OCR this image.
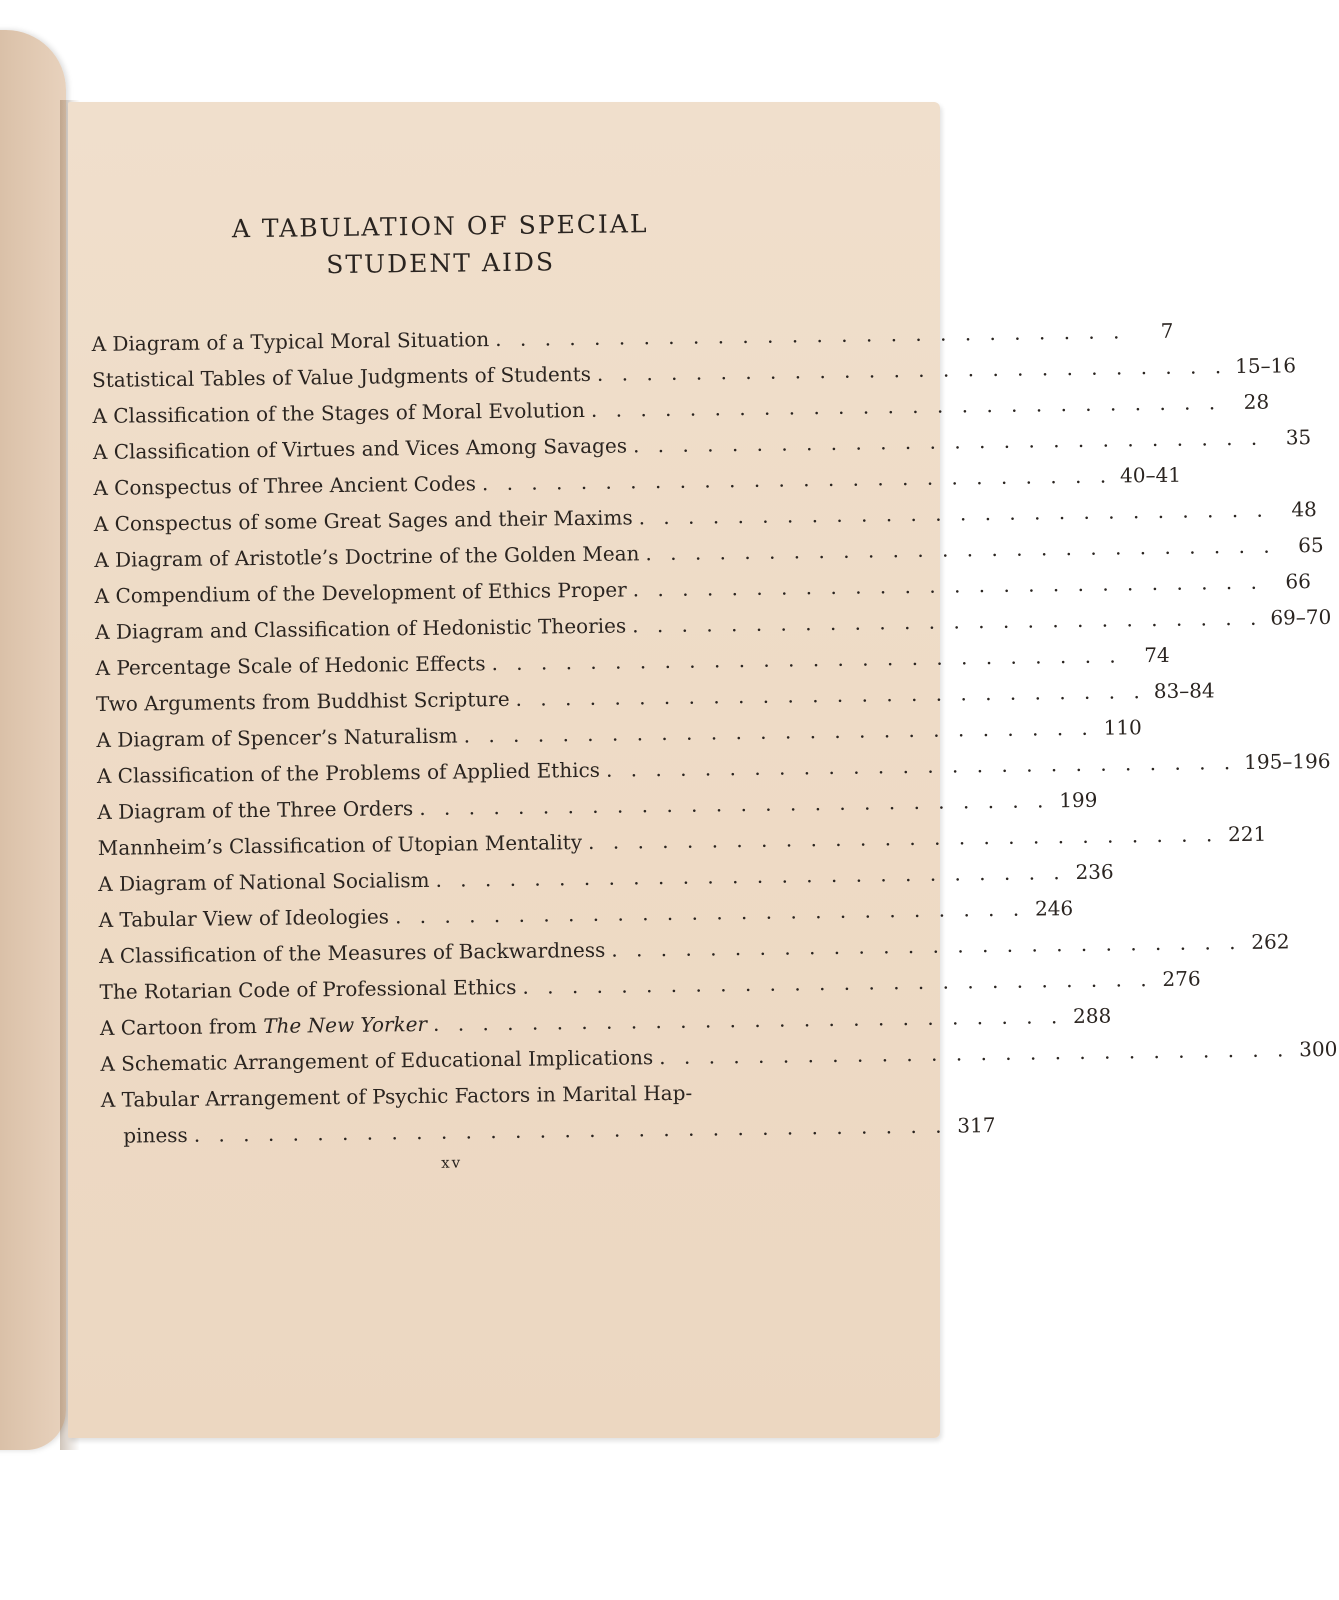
A TABULATION OF SPECIAL
STUDENT AIDS
A Diagram of a Typical Moral Situation . . . . . . . . . . . . . . . . . . . . . . . . . .	7
Statistical Tables of Value Judgments of Students . . . . . . . . . . . . . . . . . . . . . . . . . . 15–16
A Classification of the Stages of Moral Evolution . . . . . . . . . . . . . . . . . . . . . . . . . .	28
A Classification of Virtues and Vices Among Savages . . . . . . . . . . . . . . . . . . . . . . . . . .	35
A Conspectus of Three Ancient Codes . . . . . . . . . . . . . . . . . . . . . . . . . . 40–41
A Conspectus of some Great Sages and their Maxims . . . . . . . . . . . . . . . . . . . . . . . . . .	48
A Diagram of Aristotle’s Doctrine of the Golden Mean . . . . . . . . . . . . . . . . . . . . . . . . . .	65
A Compendium of the Development of Ethics Proper . . . . . . . . . . . . . . . . . . . . . . . . . .	66
A Diagram and Classification of Hedonistic Theories . . . . . . . . . . . . . . . . . . . . . . . . . . 69–70
A Percentage Scale of Hedonic Effects . . . . . . . . . . . . . . . . . . . . . . . . . .	74
Two Arguments from Buddhist Scripture . . . . . . . . . . . . . . . . . . . . . . . . . . 83–84
A Diagram of Spencer’s Naturalism . . . . . . . . . . . . . . . . . . . . . . . . . . 110
A Classification of the Problems of Applied Ethics . . . . . . . . . . . . . . . . . . . . . . . . . . 195–196
A Diagram of the Three Orders . . . . . . . . . . . . . . . . . . . . . . . . . . 199
Mannheim’s Classification of Utopian Mentality . . . . . . . . . . . . . . . . . . . . . . . . . . 221
A Diagram of National Socialism . . . . . . . . . . . . . . . . . . . . . . . . . . 236
A Tabular View of Ideologies . . . . . . . . . . . . . . . . . . . . . . . . . . 246
A Classification of the Measures of Backwardness . . . . . . . . . . . . . . . . . . . . . . . . . . 262
The Rotarian Code of Professional Ethics . . . . . . . . . . . . . . . . . . . . . . . . . . 276
A Cartoon from The New Yorker . . . . . . . . . . . . . . . . . . . . . . . . . . 288
A Schematic Arrangement of Educational Implications . . . . . . . . . . . . . . . . . . . . . . . . . . 300
A Tabular Arrangement of Psychic Factors in Marital Hap-
piness . . . . . . . . . . . . . . . . . . . . . . . . . . . . . . . 317
xv
